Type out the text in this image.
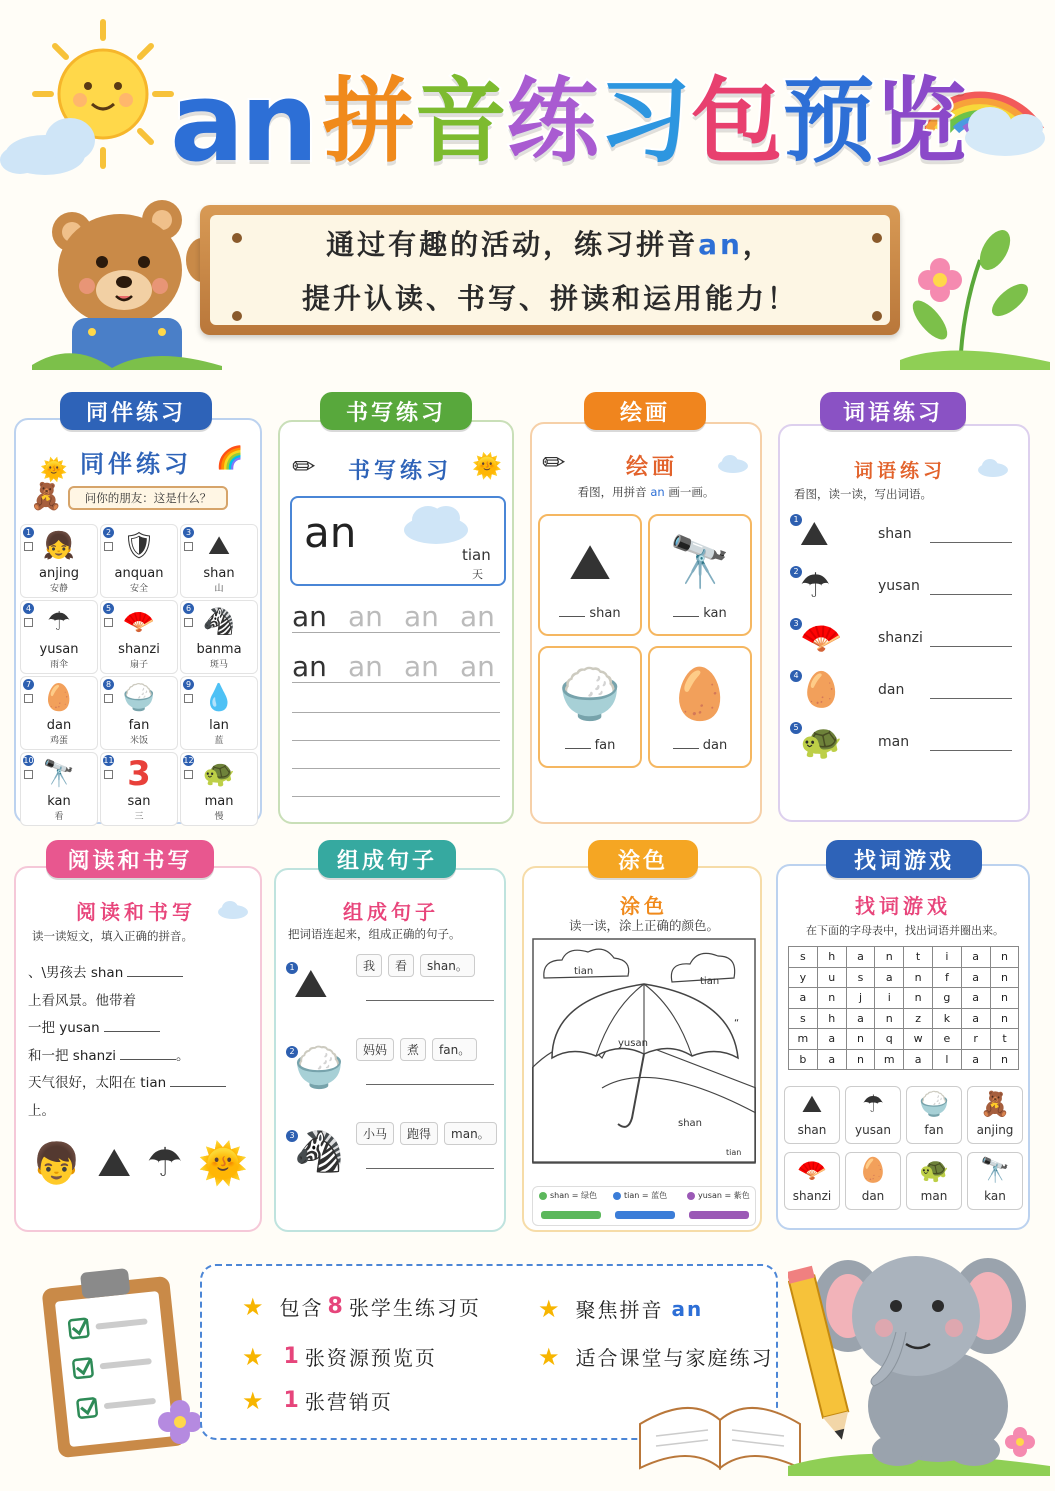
an 拼 音 练 习 包 预 览
通过有趣的活动，练习拼音an，
提升认读、书写、拼读和运用能力！
🌞 同伴练习	🌈
🧸	问你的朋友：这是什么？
1 👧
anjing
安静
2 🛡
anquan
安全
3 ⛰
shan
山
4 ☂
yusan
雨伞
5 🪭
shanzi
扇子
6 🦓
banma
斑马
7 🥚
dan
鸡蛋
8 🍚
fan
米饭
9 💧
lan
蓝
10 🔭
kan
看
11 3
san
三
12 🐢
man
慢
同伴练习
✏	书写练习 🌞
an	tian
天
an an an an
an an an an
书写练习
✏	绘画
看图，用拼音 an 画一画。
⛰
shan
🔭
kan
🍚
fan
🥚
dan
绘画
词语练习
看图，读一读，写出词语。
1 ⛰	shan
2 ☂	yusan
3 🪭	shanzi
4 🥚	dan
5 🐢	man
词语练习
阅读和书写
读一读短文，填入正确的拼音。
、\男孩去 shan
上看风景。他带着
一把 yusan
和一把 shanzi	。
天气很好，太阳在 tian
上。
👦 ⛰ ☂ 🌞
阅读和书写
组成句子
把词语连起来，组成正确的句子。
1 ⛰	我 看 shan。
2 🍚	妈妈 煮 fan。
3 🦓	小马 跑得 man。
组成句子
涂色
读一读，涂上正确的颜色。
tian
tian
“
yusan
shan
tian
shan = 绿色	tian = 蓝色	yusan = 紫色
涂色
找词游戏
在下面的字母表中，找出词语并圈出来。
s	h	a	n	t	i	a	n
y	u	s	a	n	f	a	n
a	n	j	i	n	g	a	n
s	h	a	n	z	k	a	n
m	a	n	q	w	e	r	t
b	a	n	m	a	l	a	n
⛰
shan
☂
yusan
🍚
fan
🧸
anjing
🪭
shanzi
🥚
dan
🐢
man
🔭
kan
找词游戏
★ 包含 8 张学生练习页
★ 1 张资源预览页
★ 1 张营销页
★ 聚焦拼音 an
★ 适合课堂与家庭练习
